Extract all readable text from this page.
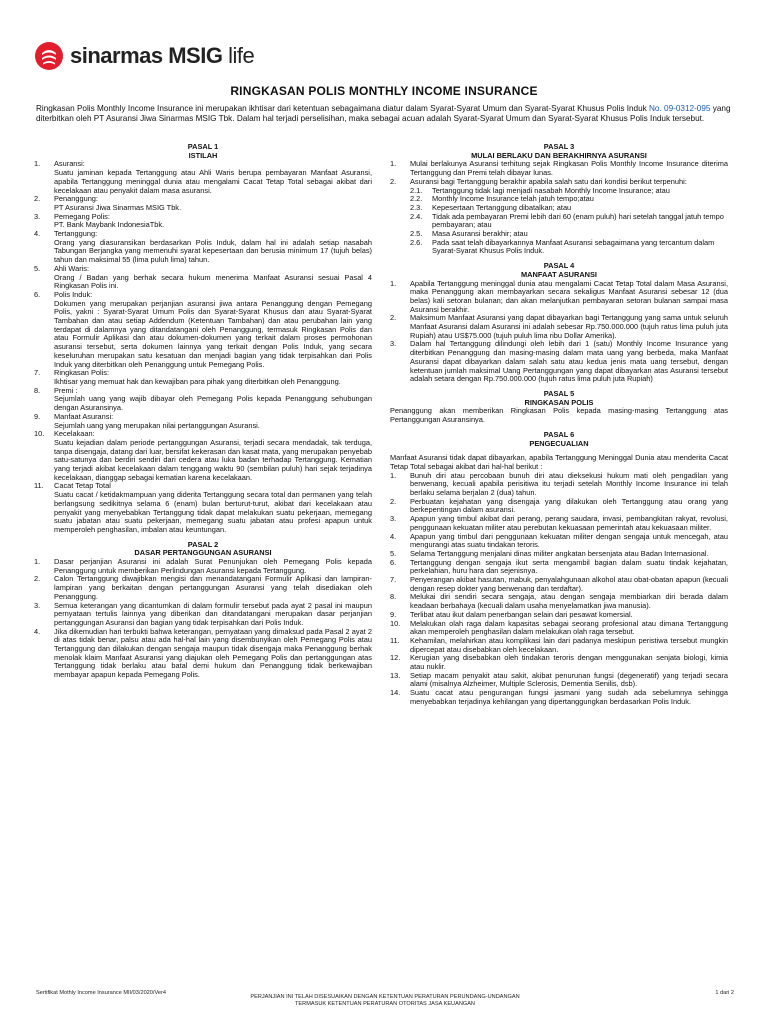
sinarmas MSIG life
RINGKASAN POLIS MONTHLY INCOME INSURANCE
Ringkasan Polis Monthly Income Insurance ini merupakan ikhtisar dari ketentuan sebagaimana diatur dalam Syarat-Syarat Umum dan Syarat-Syarat Khusus Polis Induk No. 09-0312-095 yang diterbitkan oleh PT Asuransi Jiwa Sinarmas MSIG Tbk. Dalam hal terjadi perselisihan, maka sebagai acuan adalah Syarat-Syarat Umum dan Syarat-Syarat Khusus Polis Induk tersebut.
PASAL 1
ISTILAH
1.	Asuransi:
Suatu jaminan kepada Tertanggung atau Ahli Waris berupa pembayaran Manfaat Asuransi, apabila Tertanggung meninggal dunia atau mengalami Cacat Tetap Total sebagai akibat dari kecelakaan atau penyakit dalam masa asuransi.
2.	Penanggung:
PT Asuransi Jiwa Sinarmas MSIG Tbk.
3.	Pemegang Polis:
PT. Bank Maybank IndonesiaTbk.
4.	Tertanggung:
Orang yang diasuransikan berdasarkan Polis Induk, dalam hal ini adalah setiap nasabah Tabungan Berjangka yang memenuhi syarat kepesertaan dan berusia minimum 17 (tujuh belas) tahun dan maksimal 55 (lima puluh lima) tahun.
5.	Ahli Waris:
Orang / Badan yang berhak secara hukum menerima Manfaat Asuransi sesuai Pasal 4 Ringkasan Polis ini.
6.	Polis Induk:
Dokumen yang merupakan perjanjian asuransi jiwa antara Penanggung dengan Pemegang Polis, yakni : Syarat-Syarat Umum Polis dan Syarat-Syarat Khusus dan atau Syarat-Syarat Tambahan dan atau setiap Addendum (Ketentuan Tambahan) dan atau perubahan lain yang terdapat di dalamnya yang ditandatangani oleh Penanggung, termasuk Ringkasan Polis dan atau Formulir Aplikasi dan atau dokumen-dokumen yang terkait dalam proses permohonan asuransi tersebut, serta dokumen lainnya yang terkait dengan Polis Induk, yang secara keseluruhan merupakan satu kesatuan dan menjadi bagian yang tidak terpisahkan dari Polis Induk yang diterbitkan oleh Penanggung untuk Pemegang Polis.
7.	Ringkasan Polis:
Ikhtisar yang memuat hak dan kewajiban para pihak yang diterbitkan oleh Penanggung.
8.	Premi :
Sejumlah uang yang wajib dibayar oleh Pemegang Polis kepada Penanggung sehubungan dengan Asuransinya.
9.	Manfaat Asuransi:
Sejumlah uang yang merupakan nilai pertanggungan Asuransi.
10.	Kecelakaan:
Suatu kejadian dalam periode pertanggungan Asuransi, terjadi secara mendadak, tak terduga, tanpa disengaja, datang dari luar, bersifat kekerasan dan kasat mata, yang merupakan penyebab satu-satunya dan berdiri sendiri dari cedera atau luka badan terhadap Tertanggung. Kematian yang terjadi akibat kecelakaan dalam tenggang waktu 90 (sembilan puluh) hari sejak terjadinya kecelakaan, dianggap sebagai kematian karena kecelakaan.
11.	Cacat Tetap Total
Suatu cacat / ketidakmampuan yang diderita Tertanggung secara total dan permanen yang telah berlangsung sedikitnya selama 6 (enam) bulan berturut-turut, akibat dari kecelakaan atau penyakit yang menyebabkan Tertanggung tidak dapat melakukan suatu pekerjaan, memegang suatu jabatan atau suatu pekerjaan, memegang suatu jabatan atau profesi apapun untuk memperoleh penghasilan, imbalan atau keuntungan.
PASAL 2
DASAR PERTANGGUNGAN ASURANSI
1.	Dasar perjanjian Asuransi ini adalah Surat Penunjukan oleh Pemegang Polis kepada Penanggung untuk memberikan Perlindungan Asuransi kepada Tertanggung.
2.	Calon Tertanggung diwajibkan mengisi dan menandatangani Formulir Aplikasi dan lampiran-lampiran yang berkaitan dengan pertanggungan Asuransi yang telah disediakan oleh Penanggung.
3.	Semua keterangan yang dicantumkan di dalam formulir tersebut pada ayat 2 pasal ini maupun pernyataan tertulis lainnya yang diberikan dan ditandatangani merupakan dasar perjanjian pertanggungan Asuransi dan bagian yang tidak terpisahkan dari Polis Induk.
4.	Jika dikemudian hari terbukti bahwa keterangan, pernyataan yang dimaksud pada Pasal 2 ayat 2 di atas tidak benar, palsu atau ada hal-hal lain yang disembunyikan oleh Pemegang Polis atau Tertanggung dan dilakukan dengan sengaja maupun tidak disengaja maka Penanggung berhak menolak klaim Manfaat Asuransi yang diajukan oleh Pemegang Polis dan pertanggungan atas Tertanggung tidak berlaku atau batal demi hukum dan Penanggung tidak berkewajiban membayar apapun kepada Pemegang Polis.
PASAL 3
MULAI BERLAKU DAN BERAKHIRNYA ASURANSI
1.	Mulai berlakunya Asuransi terhitung sejak Ringkasan Polis Monthly Income Insurance diterima Tertanggung dan Premi telah dibayar lunas.
2.	Asuransi bagi Tertanggung berakhir apabila salah satu dari kondisi berikut terpenuhi:
2.1.	Tertanggung tidak lagi menjadi nasabah Monthly Income Insurance; atau
2.2.	Monthly Income Insurance telah jatuh tempo;atau
2.3.	Kepesertaan Tertanggung dibatalkan; atau
2.4.	Tidak ada pembayaran Premi lebih dari 60 (enam puluh) hari setelah tanggal jatuh tempo pembayaran; atau
2.5.	Masa Asuransi berakhir; atau
2.6.	Pada saat telah dibayarkannya Manfaat Asuransi sebagaimana yang tercantum dalam Syarat-Syarat Khusus Polis Induk.
PASAL 4
MANFAAT ASURANSI
1.	Apabila Tertanggung meninggal dunia atau mengalami Cacat Tetap Total dalam Masa Asuransi, maka Penanggung akan membayarkan secara sekaligus Manfaat Asuransi sebesar 12 (dua belas) kali setoran bulanan; dan akan melanjutkan pembayaran setoran bulanan sampai masa Asuransi berakhir.
2.	Maksimum Manfaat Asuransi yang dapat dibayarkan bagi Tertanggung yang sama untuk seluruh Manfaat Asuransi dalam Asuransi ini adalah sebesar Rp.750.000.000 (tujuh ratus lima puluh juta Rupiah) atau US$75.000 (tujuh puluh lima ribu Dollar Amerika).
3.	Dalam hal Tertanggung dilindungi oleh lebih dari 1 (satu) Monthly Income Insurance yang diterbitkan Penanggung dan masing-masing dalam mata uang yang berbeda, maka Manfaat Asuransi dapat dibayarkan dalam salah satu atau kedua jenis mata uang tersebut, dengan ketentuan jumlah maksimal Uang Pertanggungan yang dapat dibayarkan atas Asuransi tersebut adalah setara dengan Rp.750.000.000 (tujuh ratus lima puluh juta Rupiah)
PASAL 5
RINGKASAN POLIS
Penanggung akan memberikan Ringkasan Polis kepada masing-masing Tertanggung atas Pertanggungan Asuransinya.
PASAL 6
PENGECUALIAN
Manfaat Asuransi tidak dapat dibayarkan, apabila Tertanggung Meninggal Dunia atau menderita Cacat Tetap Total sebagai akibat dari hal-hal berikut :
1.	Bunuh diri atau percobaan bunuh diri atau dieksekusi hukum mati oleh pengadilan yang berwenang, kecuali apabila perisitiwa itu terjadi setelah Monthly Income Insurance ini telah berlaku selama berjalan 2 (dua) tahun.
2.	Perbuatan kejahatan yang disengaja yang dilakukan oleh Tertanggung atau orang yang berkepentingan dalam asuransi.
3.	Apapun yang timbul akibat dari perang, perang saudara, invasi, pembangkitan rakyat, revolusi, penggunaan kekuatan militer atau perebutan kekuasaan pemerintah atau kekuasaan militer.
4.	Apapun yang timbul dari penggunaan kekuatan militer dengan sengaja untuk mencegah, atau mengurangi atas suatu tindakan teroris.
5.	Selama Tertanggung menjalani dinas militer angkatan bersenjata atau Badan Internasional.
6.	Tertanggung dengan sengaja ikut serta mengambil bagian dalam suatu tindak kejahatan, perkelahian, huru hara dan sejenisnya.
7.	Penyerangan akibat hasutan, mabuk, penyalahgunaan alkohol atau obat-obatan apapun (kecuali dengan resep dokter yang berwenang dan terdaftar).
8.	Melukai diri sendiri secara sengaja, atau dengan sengaja membiarkan diri berada dalam keadaan berbahaya (kecuali dalam usaha menyelamatkan jiwa manusia).
9.	Terlibat atau ikut dalam penerbangan selain dari pesawat komersial.
10.	Melakukan olah raga dalam kapasitas sebagai seorang profesional atau dimana Tertanggung akan memperoleh penghasilan dalam melakukan olah raga tersebut.
11.	Kehamilan, melahirkan atau komplikasi lain dari padanya meskipun peristiwa tersebut mungkin dipercepat atau disebabkan oleh kecelakaan.
12.	Kerugian yang disebabkan oleh tindakan teroris dengan menggunakan senjata biologi, kimia atau nuklir.
13.	Setiap macam penyakit atau sakit, akibat penurunan fungsi (degeneratif) yang terjadi secara alami (misalnya Alzheimer, Multiple Sclerosis, Dementia Senilis, dsb).
14.	Suatu cacat atau pengurangan fungsi jasmani yang sudah ada sebelumnya sehingga menyebabkan terjadinya kehilangan yang dipertanggungkan berdasarkan Polis Induk.
Sertifikat Mothly Income Insurance MII/03/2020/Ver4
PERJANJIAN INI TELAH DISESUAIKAN DENGAN KETENTUAN PERATURAN PERUNDANG-UNDANGAN
TERMASUK KETENTUAN PERATURAN OTORITAS JASA KEUANGAN
1 dari 2
